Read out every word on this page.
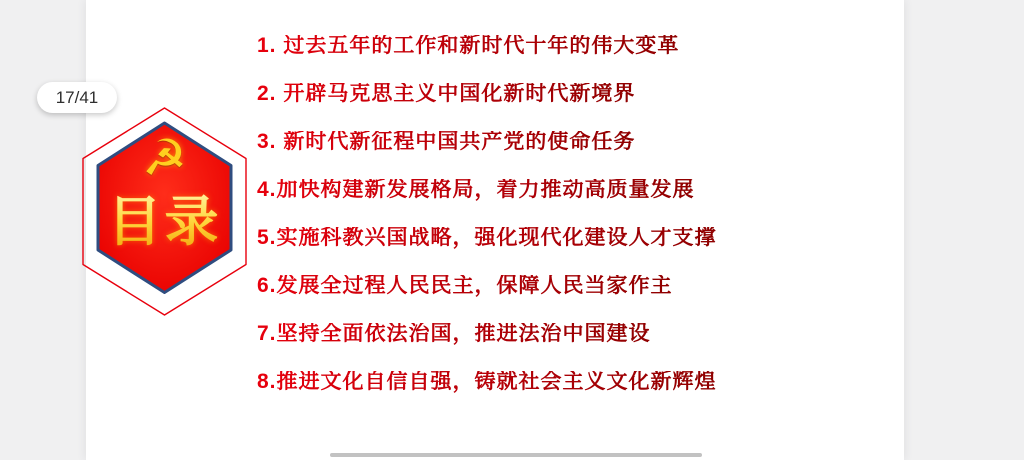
☭
目录
17/41
1. 过去五年的工作和新时代十年的伟大变革
2. 开辟马克思主义中国化新时代新境界
3. 新时代新征程中国共产党的使命任务
4.加快构建新发展格局，着力推动高质量发展
5.实施科教兴国战略，强化现代化建设人才支撑
6.发展全过程人民民主，保障人民当家作主
7.坚持全面依法治国，推进法治中国建设
8.推进文化自信自强，铸就社会主义文化新辉煌
